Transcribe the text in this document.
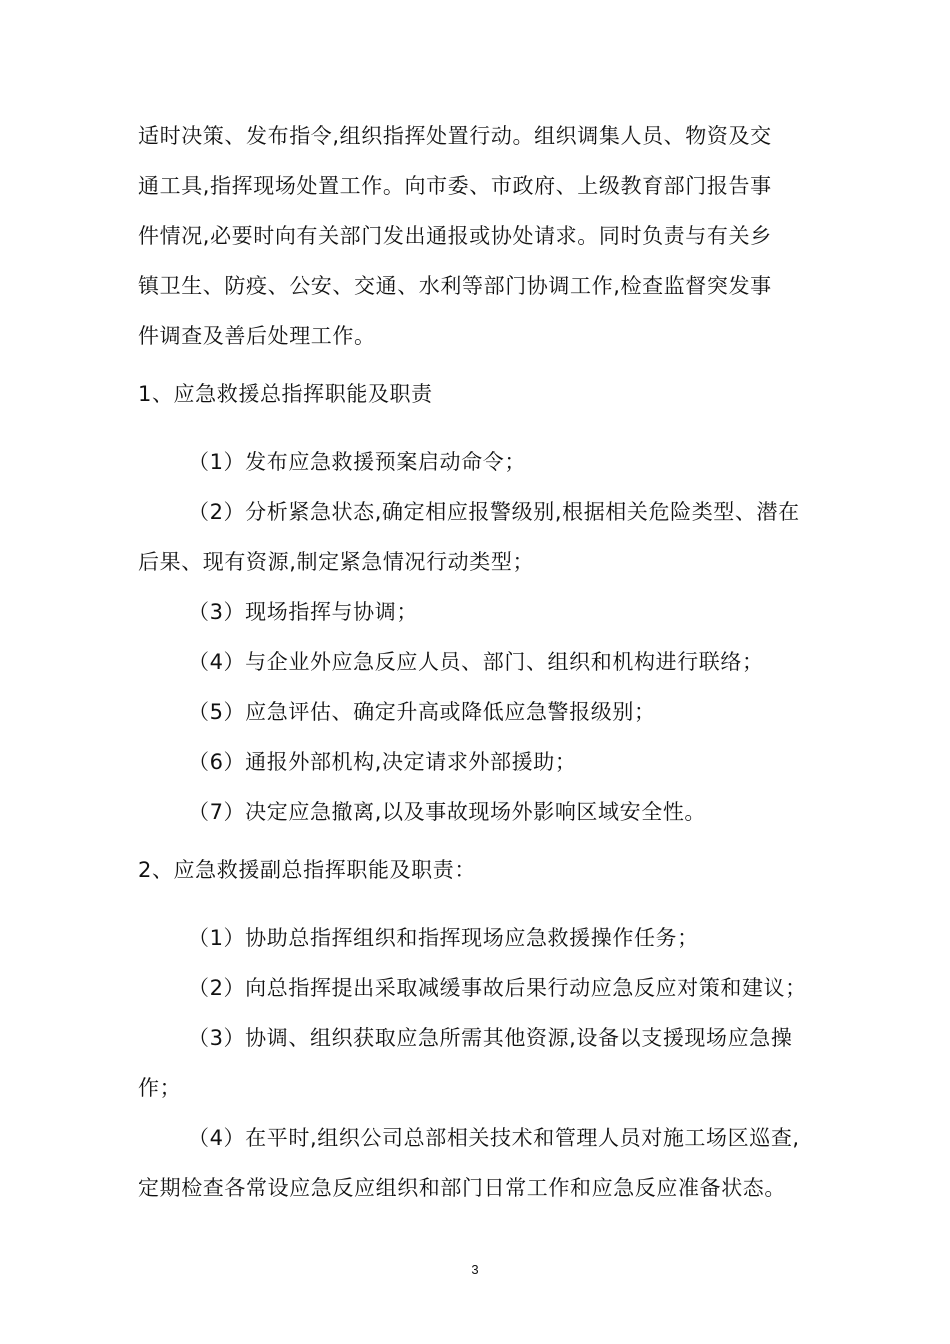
适时决策、发布指令,组织指挥处置行动。组织调集人员、物资及交
通工具,指挥现场处置工作。向市委、市政府、上级教育部门报告事
件情况,必要时向有关部门发出通报或协处请求。同时负责与有关乡
镇卫生、防疫、公安、交通、水利等部门协调工作,检查监督突发事
件调查及善后处理工作。
1、应急救援总指挥职能及职责
（1）发布应急救援预案启动命令；
（2）分析紧急状态,确定相应报警级别,根据相关危险类型、潜在
后果、现有资源,制定紧急情况行动类型；
（3）现场指挥与协调；
（4）与企业外应急反应人员、部门、组织和机构进行联络；
（5）应急评估、确定升高或降低应急警报级别；
（6）通报外部机构,决定请求外部援助；
（7）决定应急撤离,以及事故现场外影响区域安全性。
2、应急救援副总指挥职能及职责：
（1）协助总指挥组织和指挥现场应急救援操作任务；
（2）向总指挥提出采取减缓事故后果行动应急反应对策和建议；
（3）协调、组织获取应急所需其他资源,设备以支援现场应急操
作；
（4）在平时,组织公司总部相关技术和管理人员对施工场区巡查,
定期检查各常设应急反应组织和部门日常工作和应急反应准备状态。
3
